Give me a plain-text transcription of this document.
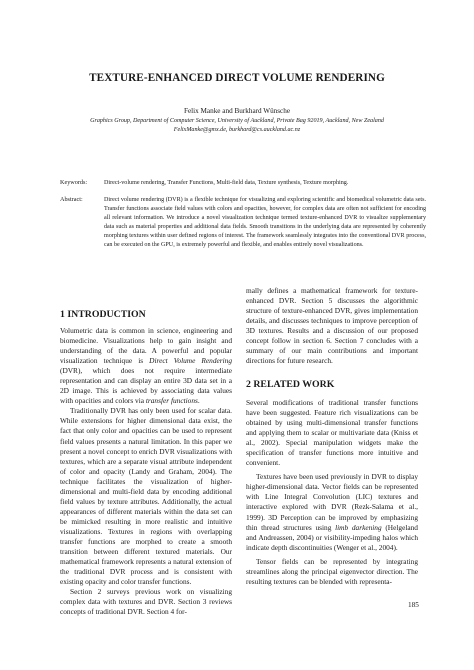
TEXTURE-ENHANCED DIRECT VOLUME RENDERING
Felix Manke and Burkhard Wünsche
Graphics Group, Department of Computer Science, University of Auckland, Private Bag 92019, Auckland, New Zealand
FelixManke@gmx.de, burkhard@cs.auckland.ac.nz
Keywords:	Direct-volume rendering, Transfer Functions, Multi-field data, Texture synthesis, Texture morphing.
Abstract:	Direct volume rendering (DVR) is a flexible technique for visualizing and exploring scientific and biomedical volumetric data sets. Transfer functions associate field values with colors and opacities, however, for complex data are often not sufficient for encoding all relevant information. We introduce a novel visualization technique termed texture-enhanced DVR to visualize supplementary data such as material properties and additional data fields. Smooth transitions in the underlying data are represented by coherently morphing textures within user defined regions of interest. The framework seamlessly integrates into the conventional DVR process, can be executed on the GPU, is extremely powerful and flexible, and enables entirely novel visualizations.
1 INTRODUCTION

Volumetric data is common in science, engineering and biomedicine. Visualizations help to gain insight and understanding of the data. A powerful and popular visualization technique is Direct Volume Rendering (DVR), which does not require intermediate representation and can display an entire 3D data set in a 2D image. This is achieved by associating data values with opacities and colors via transfer functions.

Traditionally DVR has only been used for scalar data. While extensions for higher dimensional data exist, the fact that only color and opacities can be used to represent field values presents a natural limitation. In this paper we present a novel concept to enrich DVR visualizations with textures, which are a separate visual attribute independent of color and opacity (Landy and Graham, 2004). The technique facilitates the visualization of higher-dimensional and multi-field data by encoding additional field values by texture attributes. Additionally, the actual appearances of different materials within the data set can be mimicked resulting in more realistic and intuitive visualizations. Textures in regions with overlapping transfer functions are morphed to create a smooth transition between different textured materials. Our mathematical framework represents a natural extension of the traditional DVR process and is consistent with existing opacity and color transfer functions.

Section 2 surveys previous work on visualizing complex data with textures and DVR. Section 3 reviews concepts of traditional DVR. Section 4 for-

mally defines a mathematical framework for texture-enhanced DVR. Section 5 discusses the algorithmic structure of texture-enhanced DVR, gives implementation details, and discusses techniques to improve perception of 3D textures. Results and a discussion of our proposed concept follow in section 6. Section 7 concludes with a summary of our main contributions and important directions for future research.

2 RELATED WORK

Several modifications of traditional transfer functions have been suggested. Feature rich visualizations can be obtained by using multi-dimensional transfer functions and applying them to scalar or multivariate data (Kniss et al., 2002). Special manipulation widgets make the specification of transfer functions more intuitive and convenient.

Textures have been used previously in DVR to display higher-dimensional data. Vector fields can be represented with Line Integral Convolution (LIC) textures and interactive explored with DVR (Rezk-Salama et al., 1999). 3D Perception can be improved by emphasizing thin thread structures using limb darkening (Helgeland and Andreassen, 2004) or visibility-impeding halos which indicate depth discontinuities (Wenger et al., 2004).

Tensor fields can be represented by integrating streamlines along the principal eigenvector direction. The resulting textures can be blended with representa-

185
